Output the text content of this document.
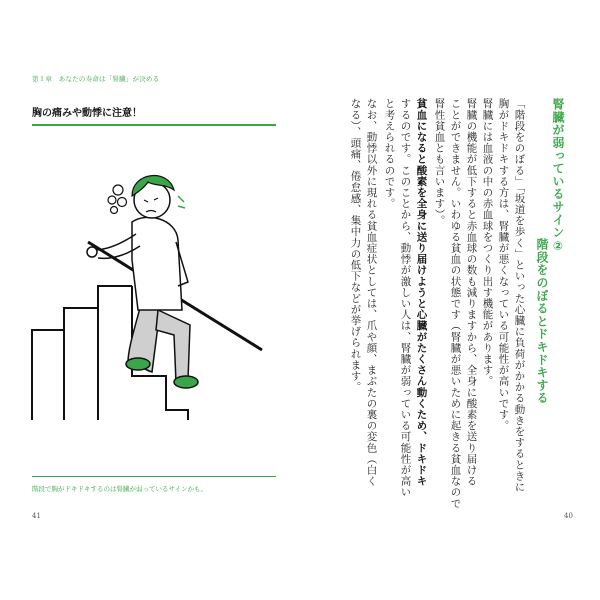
第１章　あなたの寿命は「腎臓」が決める
胸の痛みや動悸に注意！
階段で胸がドキドキするのは腎臓が弱っているサインかも。
41
腎臓が弱っているサイン②
階段をのぼるとドキドキする
「階段をのぼる」「坂道を歩く」といった心臓に負荷がかかる動きをするときに
胸がドキドキする方は、腎臓が悪くなっている可能性が高いです。
腎臓には血液の中の赤血球をつくり出す機能があります。
腎臓の機能が低下すると赤血球の数も減りますから、全身に酸素を送り届ける
ことができません。いわゆる貧血の状態です（腎臓が悪いために起きる貧血なので
腎性貧血とも言います）。
貧血になると酸素を全身に送り届けようと心臓がたくさん動くため、ドキドキ
するのです。このことから、動悸が激しい人は、腎臓が弱っている可能性が高い
と考えられるのです。
なお、動悸以外に現れる貧血症状としては、爪や顔、まぶたの裏の変色（白く
なる）、頭痛、倦怠感、集中力の低下などが挙げられます。
40
